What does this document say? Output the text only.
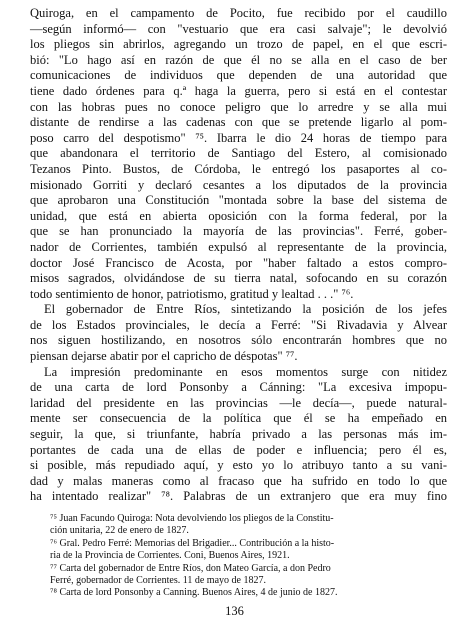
Quiroga, en el campamento de Pocito, fue recibido por el caudillo
—según informó— con "vestuario que era casi salvaje"; le devolvió
los pliegos sin abrirlos, agregando un trozo de papel, en el que escri-
bió: "Lo hago así en razón de que él no se alla en el caso de ber
comunicaciones de individuos que dependen de una autoridad que
tiene dado órdenes para q.ª haga la guerra, pero si está en el contestar
con las hobras pues no conoce peligro que lo arredre y se alla mui
distante de rendirse a las cadenas con que se pretende ligarlo al pom-
poso carro del despotismo" ⁷⁵. Ibarra le dio 24 horas de tiempo para
que abandonara el territorio de Santiago del Estero, al comisionado
Tezanos Pinto. Bustos, de Córdoba, le entregó los pasaportes al co-
misionado Gorriti y declaró cesantes a los diputados de la provincia
que aprobaron una Constitución "montada sobre la base del sistema de
unidad, que está en abierta oposición con la forma federal, por la
que se han pronunciado la mayoría de las provincias". Ferré, gober-
nador de Corrientes, también expulsó al representante de la provincia,
doctor José Francisco de Acosta, por "haber faltado a estos compro-
misos sagrados, olvidándose de su tierra natal, sofocando en su corazón
todo sentimiento de honor, patriotismo, gratitud y lealtad . . ." ⁷⁶.
El gobernador de Entre Ríos, sintetizando la posición de los jefes
de los Estados provinciales, le decía a Ferré: "Si Rivadavia y Alvear
nos siguen hostilizando, en nosotros sólo encontrarán hombres que no
piensan dejarse abatir por el capricho de déspotas" ⁷⁷.
La impresión predominante en esos momentos surge con nitidez
de una carta de lord Ponsonby a Cánning: "La excesiva impopu-
laridad del presidente en las provincias —le decía—, puede natural-
mente ser consecuencia de la política que él se ha empeñado en
seguir, la que, si triunfante, habría privado a las personas más im-
portantes de cada una de ellas de poder e influencia; pero él es,
si posible, más repudiado aquí, y esto yo lo atribuyo tanto a su vani-
dad y malas maneras como al fracaso que ha sufrido en todo lo que
ha intentado realizar" ⁷⁸. Palabras de un extranjero que era muy fino
⁷⁵ Juan Facundo Quiroga: Nota devolviendo los pliegos de la Constitu-
ción unitaria, 22 de enero de 1827.
⁷⁶ Gral. Pedro Ferré: Memorias del Brigadier... Contribución a la histo-
ria de la Provincia de Corrientes. Coni, Buenos Aires, 1921.
⁷⁷ Carta del gobernador de Entre Ríos, don Mateo García, a don Pedro
Ferré, gobernador de Corrientes. 11 de mayo de 1827.
⁷⁸ Carta de lord Ponsonby a Canning. Buenos Aires, 4 de junio de 1827.
136
